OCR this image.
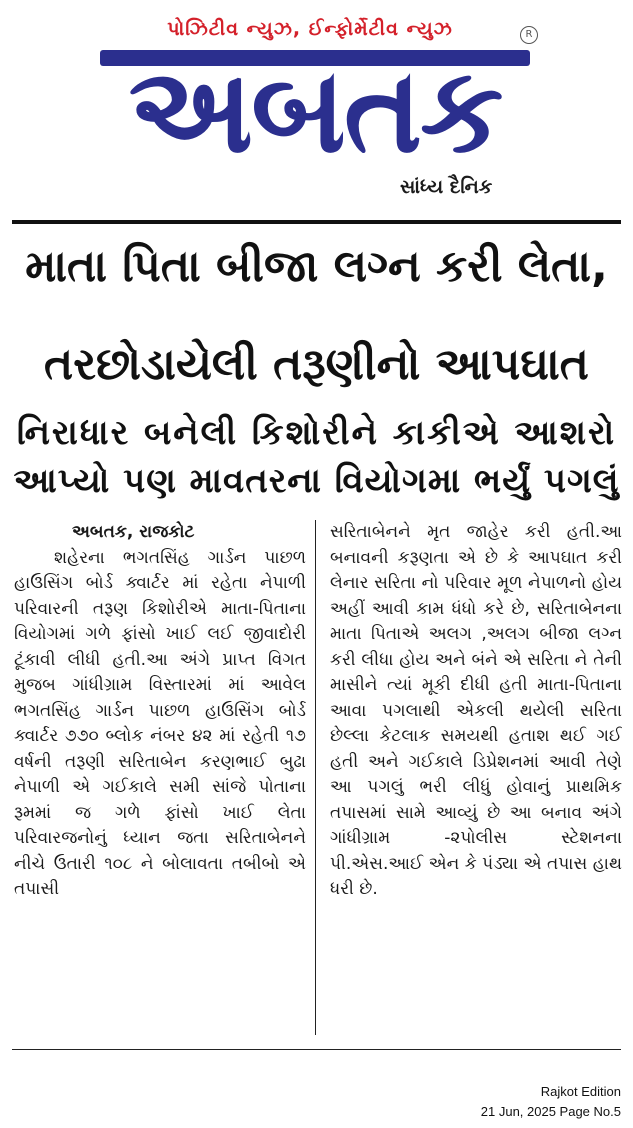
પોઝિટીવ ન્યુઝ, ઈન્ફોર્મેટીવ ન્યુઝ	R
અબતક
સાંધ્ય દૈનિક
માતા પિતા બીજા લગ્ન કરી લેતા,
તરછોડાયેલી તરૂણીનો આપઘાત
નિરાધાર બનેલી કિશોરીને કાકીએ આશરો
આપ્યો પણ માવતરના વિયોગમા ભર્યું પગલું
અબતક, રાજકોટ
શહેરના ભગતસિંહ ગાર્ડન પાછળ હાઉસિંગ બોર્ડ ક્વાર્ટર માં રહેતા નેપાળી પરિવારની તરૂણ કિશોરીએ માતા-પિતાના વિયોગમાં ગળે ફાંસો ખાઈ લઈ જીવાદોરી ટૂંકાવી લીધી હતી.આ અંગે પ્રાપ્ત વિગત મુજબ ગાંધીગ્રામ વિસ્તારમાં માં આવેલ ભગતસિંહ ગાર્ડન પાછળ હાઉસિંગ બોર્ડ ક્વાર્ટર ૭૭૦ બ્લોક નંબર ૪૨ માં રહેતી ૧૭ વર્ષની તરૂણી સરિતાબેન કરણભાઈ બુઢા નેપાળી એ ગઈકાલે સમી સાંજે પોતાના રૂમમાં જ ગળે ફાંસો ખાઈ લેતા પરિવારજનોનું ધ્યાન જતા સરિતાબેનને નીચે ઉતારી ૧૦૮ ને બોલાવતા તબીબો એ તપાસી
સરિતાબેનને મૃત જાહેર કરી હતી.આ બનાવની કરૂણતા એ છે કે આપઘાત કરી લેનાર સરિતા નો પરિવાર મૂળ નેપાળનો હોય અહીં આવી કામ ધંધો કરે છે, સરિતાબેનના માતા પિતાએ અલગ ,અલગ બીજા લગ્ન કરી લીધા હોય અને બંને એ સરિતા ને તેની માસીને ત્યાં મૂકી દીધી હતી માતા-પિતાના આવા પગલાથી એકલી થયેલી સરિતા છેલ્લા કેટલાક સમયથી હતાશ થઈ ગઈ હતી અને ગઈકાલે ડિપ્રેશનમાં આવી તેણે આ પગલું ભરી લીધું હોવાનું પ્રાથમિક તપાસમાં સામે આવ્યું છે આ બનાવ અંગે ગાંધીગ્રામ -૨પોલીસ સ્ટેશનના પી.એસ.આઈ એન કે પંડ્યા એ તપાસ હાથ ધરી છે.
Rajkot Edition
21 Jun, 2025 Page No.5
